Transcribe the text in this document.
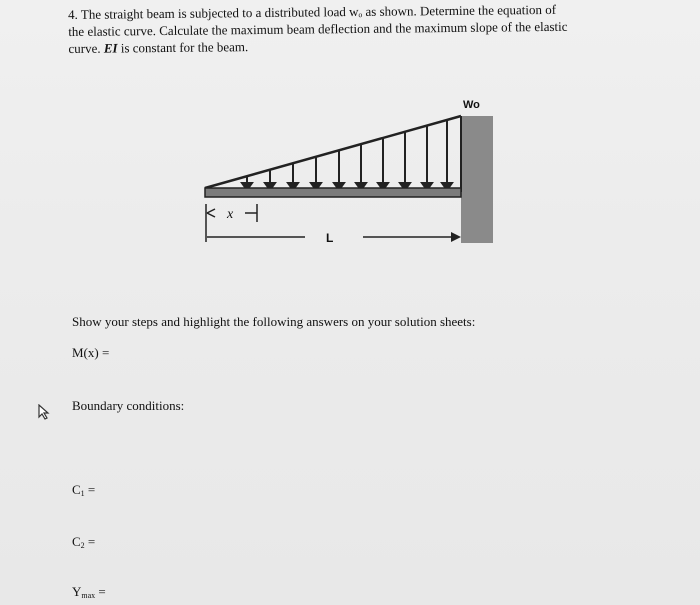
4. The straight beam is subjected to a distributed load wₒ as shown. Determine the equation of

the elastic curve. Calculate the maximum beam deflection and the maximum slope of the elastic

curve. EI is constant for the beam.

Wo
x
L
Show your steps and highlight the following answers on your solution sheets:
M(x) =
Boundary conditions:
$C_1$ =
$C_2$ =
$Y_{max}$ =
